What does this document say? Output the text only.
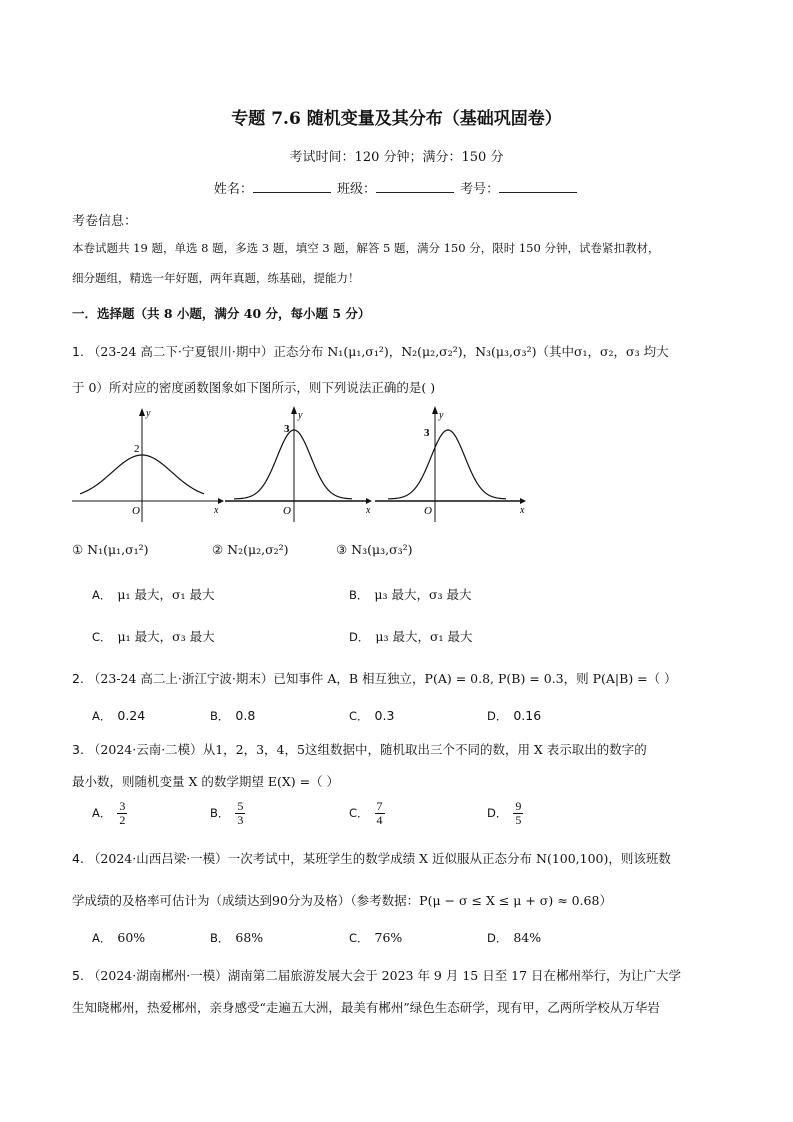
专题 7.6 随机变量及其分布（基础巩固卷）
考试时间：120 分钟；满分：150 分
姓名：	班级：	考号：
考卷信息：
本卷试题共 19 题，单选 8 题，多选 3 题，填空 3 题，解答 5 题，满分 150 分，限时 150 分钟，试卷紧扣教材，
细分题组，精选一年好题，两年真题，练基础，提能力！
一．选择题（共 8 小题，满分 40 分，每小题 5 分）
1. （23-24 高二下·宁夏银川·期中）正态分布 N₁(μ₁,σ₁²)，N₂(μ₂,σ₂²)，N₃(μ₃,σ₃²)（其中σ₁，σ₂，σ₃ 均大
于 0）所对应的密度函数图象如下图所示，则下列说法正确的是( )
2
y
x
O
3
y
x
O
3
y
x
O
① N₁(μ₁,σ₁²)	② N₂(μ₂,σ₂²)	③ N₃(μ₃,σ₃²)
A． μ₁ 最大，σ₁ 最大	B． μ₃ 最大，σ₃ 最大
C． μ₁ 最大，σ₃ 最大	D． μ₃ 最大，σ₁ 最大
2. （23-24 高二上·浙江宁波·期末）已知事件 A，B 相互独立，P(A) = 0.8, P(B) = 0.3，则 P(A|B) =（ ）
A． 0.24	B． 0.8	C． 0.3	D． 0.16
3. （2024·云南·二模）从1，2，3，4，5这组数据中，随机取出三个不同的数，用 X 表示取出的数字的
最小数，则随机变量 X 的数学期望 E(X) =（ ）
A． $\frac{3}{2}$	B． $\frac{5}{3}$	C． $\frac{7}{4}$	D． $\frac{9}{5}$
4. （2024·山西吕梁·一模）一次考试中，某班学生的数学成绩 X 近似服从正态分布 N(100,100)，则该班数
学成绩的及格率可估计为（成绩达到90分为及格）（参考数据：P(μ − σ ≤ X ≤ μ + σ) ≈ 0.68）
A． 60%	B． 68%	C． 76%	D． 84%
5. （2024·湖南郴州·一模）湖南第二届旅游发展大会于 2023 年 9 月 15 日至 17 日在郴州举行，为让广大学
生知晓郴州，热爱郴州，亲身感受“走遍五大洲，最美有郴州”绿色生态研学，现有甲，乙两所学校从万华岩
